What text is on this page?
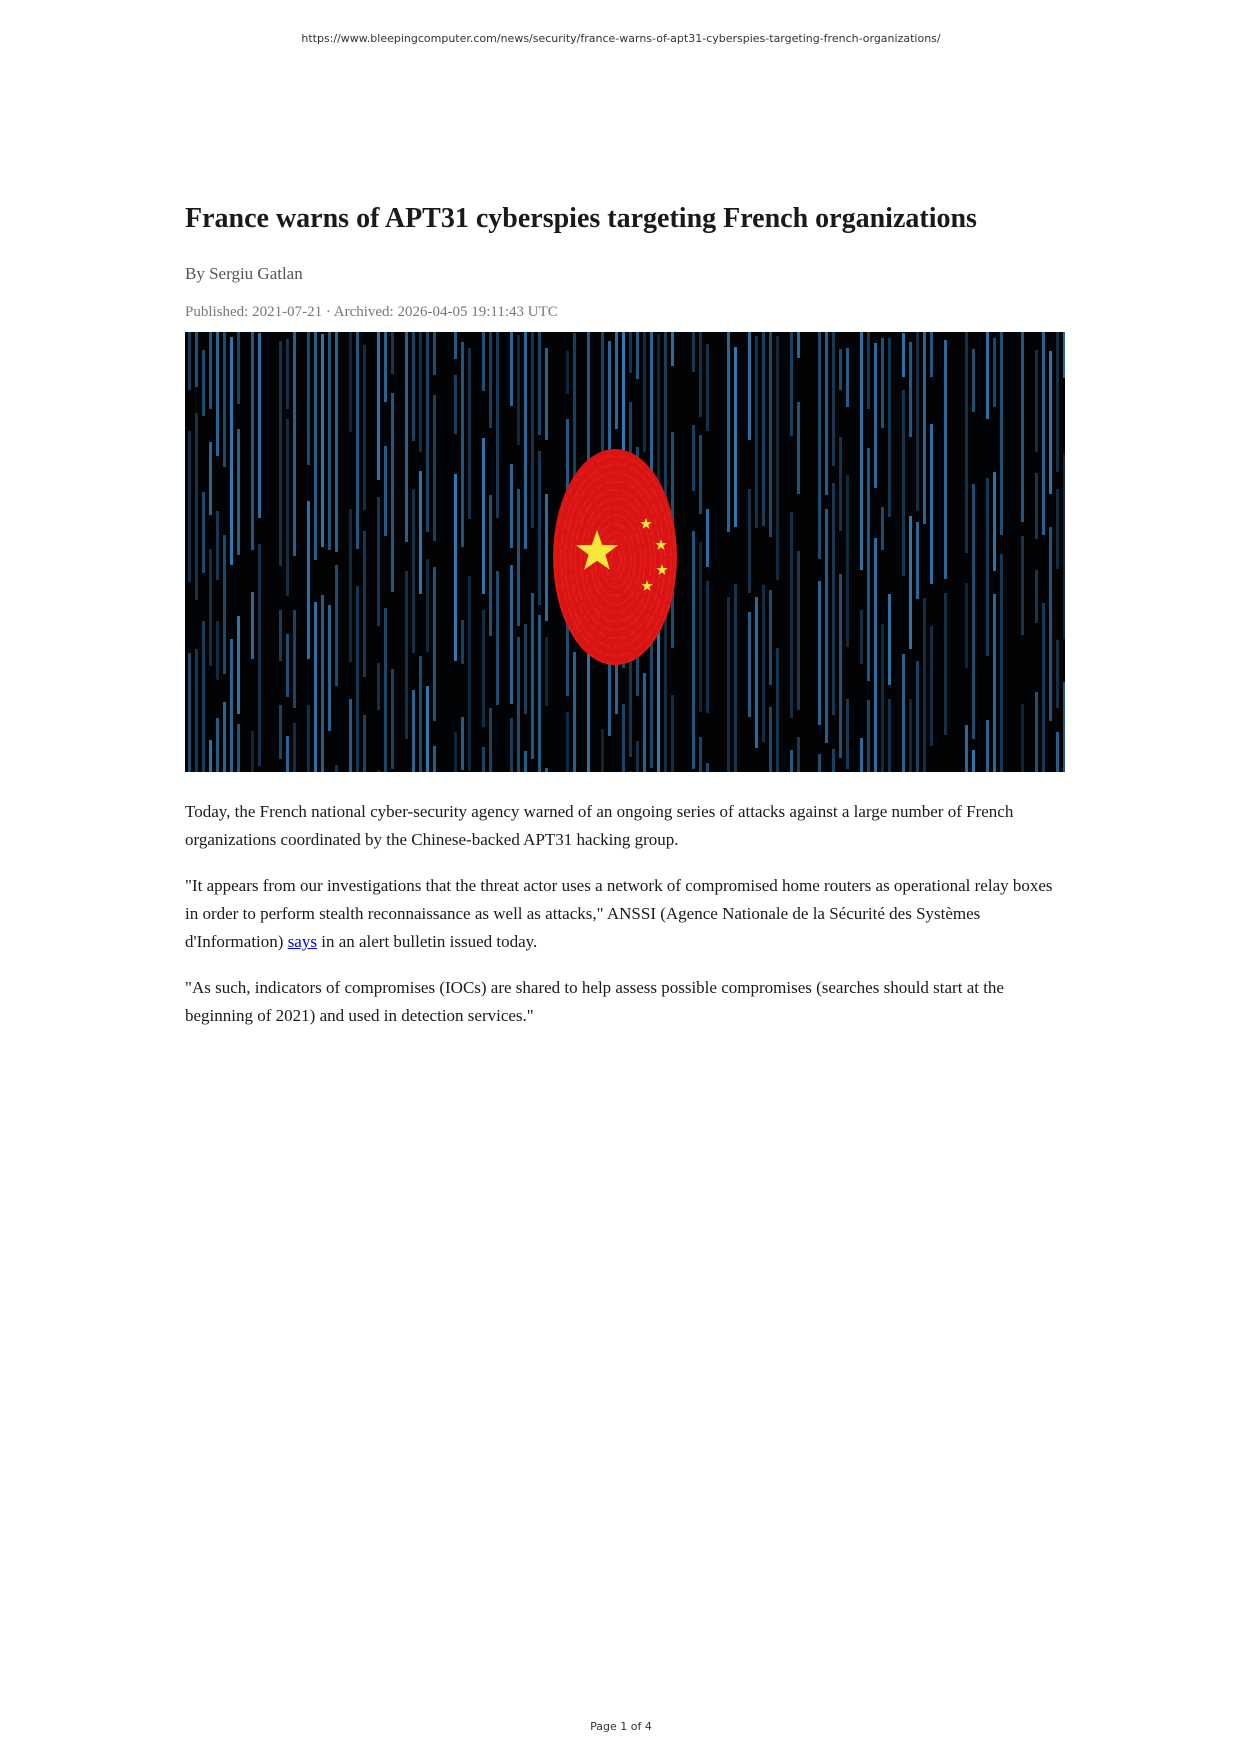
https://www.bleepingcomputer.com/news/security/france-warns-of-apt31-cyberspies-targeting-french-organizations/
France warns of APT31 cyberspies targeting French organizations
By Sergiu Gatlan
Published: 2021-07-21 · Archived: 2026-04-05 19:11:43 UTC

Today, the French national cyber-security agency warned of an ongoing series of attacks against a large number of French organizations coordinated by the Chinese-backed APT31 hacking group.

"It appears from our investigations that the threat actor uses a network of compromised home routers as operational relay boxes in order to perform stealth reconnaissance as well as attacks," ANSSI (Agence Nationale de la Sécurité des Systèmes d'Information) says in an alert bulletin issued today.

"As such, indicators of compromises (IOCs) are shared to help assess possible compromises (searches should start at the beginning of 2021) and used in detection services."

Page 1 of 4
